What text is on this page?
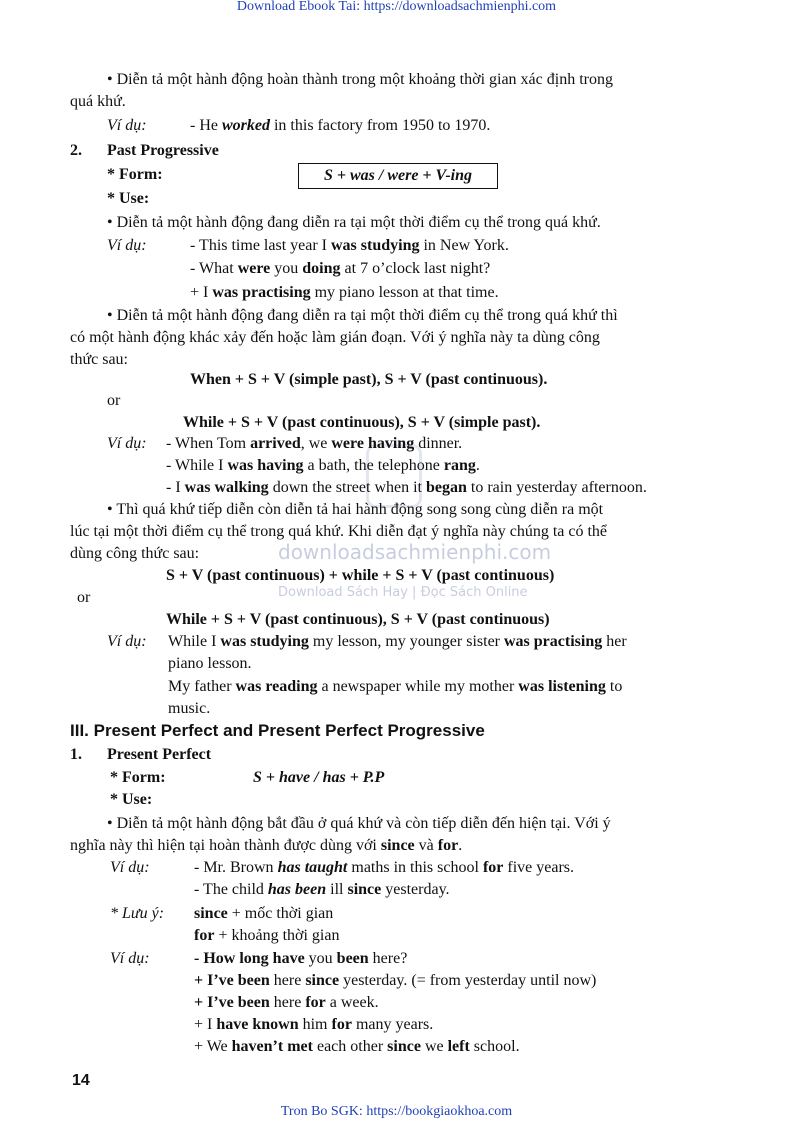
Download Ebook Tai: https://downloadsachmienphi.com
downloadsachmienphi.com
Download Sách Hay | Đọc Sách Online
• Diễn tả một hành động hoàn thành trong một khoảng thời gian xác định trong
quá khứ.
Ví dụ:	- He worked in this factory from 1950 to 1970.
2. Past Progressive
* Form:	S + was / were + V-ing
* Use:
• Diễn tả một hành động đang diễn ra tại một thời điểm cụ thể trong quá khứ.
Ví dụ:	- This time last year I was studying in New York.
- What were you doing at 7 o’clock last night?
+ I was practising my piano lesson at that time.
• Diễn tả một hành động đang diễn ra tại một thời điểm cụ thể trong quá khứ thì
có một hành động khác xảy đến hoặc làm gián đoạn. Với ý nghĩa này ta dùng công
thức sau:
When + S + V (simple past), S + V (past continuous).
or
While + S + V (past continuous), S + V (simple past).
Ví dụ: - When Tom arrived, we were having dinner.
- While I was having a bath, the telephone rang.
- I was walking down the street when it began to rain yesterday afternoon.
• Thì quá khứ tiếp diễn còn diễn tả hai hành động song song cùng diễn ra một
lúc tại một thời điểm cụ thể trong quá khứ. Khi diễn đạt ý nghĩa này chúng ta có thể
dùng công thức sau:
S + V (past continuous) + while + S + V (past continuous)
or
While + S + V (past continuous), S + V (past continuous)
Ví dụ: While I was studying my lesson, my younger sister was practising her
piano lesson.
My father was reading a newspaper while my mother was listening to
music.
III. Present Perfect and Present Perfect Progressive
1. Present Perfect
* Form:	S + have / has + P.P
* Use:
• Diễn tả một hành động bắt đầu ở quá khứ và còn tiếp diễn đến hiện tại. Với ý
nghĩa này thì hiện tại hoàn thành được dùng với since và for.
Ví dụ:	- Mr. Brown has taught maths in this school for five years.
- The child has been ill since yesterday.
* Lưu ý: since + mốc thời gian
for + khoảng thời gian
Ví dụ:	- How long have you been here?
+ I’ve been here since yesterday. (= from yesterday until now)
+ I’ve been here for a week.
+ I have known him for many years.
+ We haven’t met each other since we left school.
14
Tron Bo SGK: https://bookgiaokhoa.com
